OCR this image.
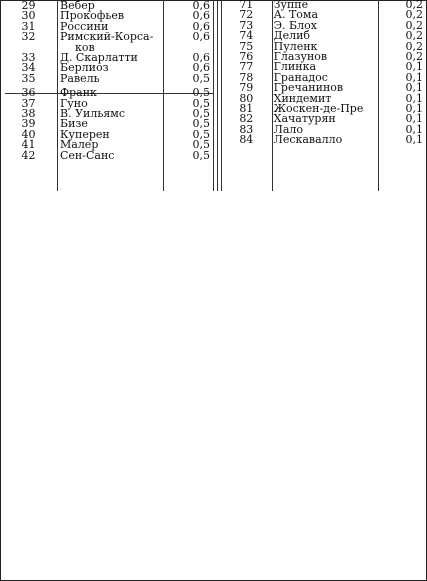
29	Вебер	0,6
30	Прокофьев	0,6
31	Россини	0,6
32	Римский-Корса-	0,6
	ков	
33	Д. Скарлатти	0,6
34	Берлиоз	0,6
35	Равель	0,5

36	Франк	0,5
37	Гуно	0,5
38	В. Уильямс	0,5
39	Бизе	0,5
40	Куперен	0,5
41	Малер	0,5
42	Сен-Санс	0,5
71	Зуппе	0,2
72	А. Тома	0,2
73	Э. Блох	0,2
74	Делиб	0,2
75	Пуленк	0,2
76	Глазунов	0,2
77	Глинка	0,1
78	Гранадос	0,1
79	Гречанинов	0,1
80	Хиндемит	0,1
81	Жоскен-де-Пре	0,1
82	Хачатурян	0,1
83	Лало	0,1
84	Лескавалло	0,1
